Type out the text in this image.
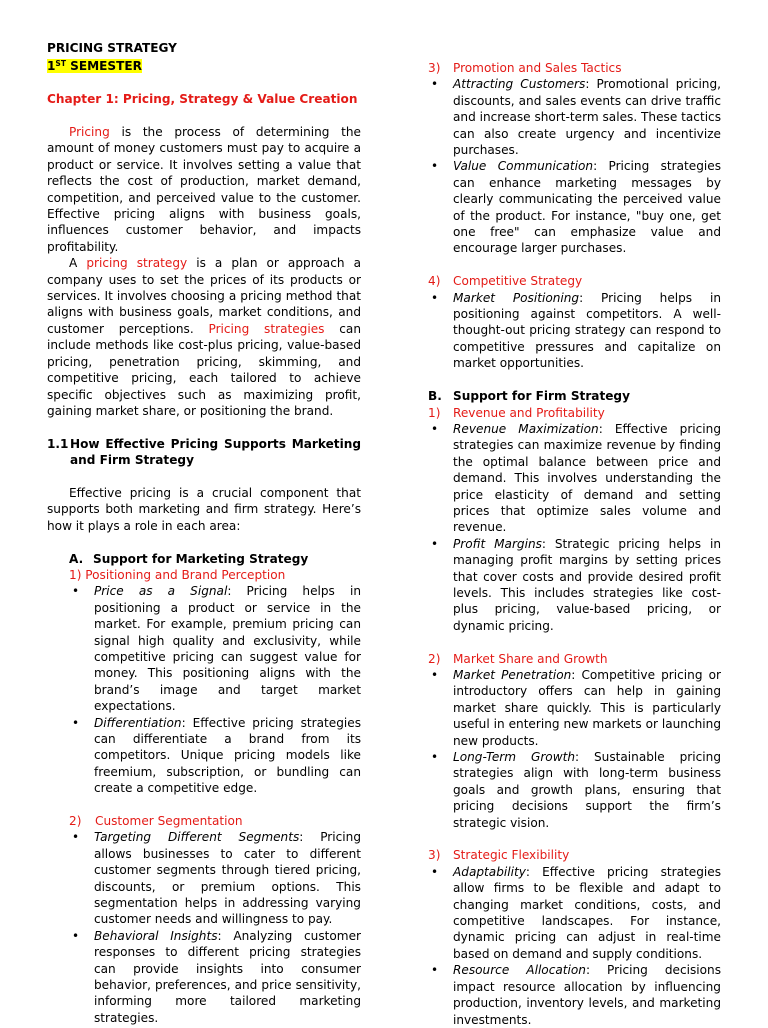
PRICING STRATEGY

1ST SEMESTER

Chapter 1: Pricing, Strategy & Value Creation

Pricing is the process of determining the amount of money customers must pay to acquire a product or service. It involves setting a value that reflects the cost of production, market demand, competition, and perceived value to the customer. Effective pricing aligns with business goals, influences customer behavior, and impacts profitability.

A pricing strategy is a plan or approach a company uses to set the prices of its products or services. It involves choosing a pricing method that aligns with business goals, market conditions, and customer perceptions. Pricing strategies can include methods like cost-plus pricing, value-based pricing, penetration pricing, skimming, and competitive pricing, each tailored to achieve specific objectives such as maximizing profit, gaining market share, or positioning the brand.

1.1 How Effective Pricing Supports Marketing and Firm Strategy

Effective pricing is a crucial component that supports both marketing and firm strategy. Here’s how it plays a role in each area:

A. Support for Marketing Strategy

1) Positioning and Brand Perception

• Price as a Signal: Pricing helps in positioning a product or service in the market. For example, premium pricing can signal high quality and exclusivity, while competitive pricing can suggest value for money. This positioning aligns with the brand’s image and target market expectations.
• Differentiation: Effective pricing strategies can differentiate a brand from its competitors. Unique pricing models like freemium, subscription, or bundling can create a competitive edge.

2) Customer Segmentation

• Targeting Different Segments: Pricing allows businesses to cater to different customer segments through tiered pricing, discounts, or premium options. This segmentation helps in addressing varying customer needs and willingness to pay.
• Behavioral Insights: Analyzing customer responses to different pricing strategies can provide insights into consumer behavior, preferences, and price sensitivity, informing more tailored marketing strategies.

3) Promotion and Sales Tactics

• Attracting Customers: Promotional pricing, discounts, and sales events can drive traffic and increase short-term sales. These tactics can also create urgency and incentivize purchases.
• Value Communication: Pricing strategies can enhance marketing messages by clearly communicating the perceived value of the product. For instance, "buy one, get one free" can emphasize value and encourage larger purchases.

4) Competitive Strategy

• Market Positioning: Pricing helps in positioning against competitors. A well-thought-out pricing strategy can respond to competitive pressures and capitalize on market opportunities.

B. Support for Firm Strategy

1) Revenue and Profitability

• Revenue Maximization: Effective pricing strategies can maximize revenue by finding the optimal balance between price and demand. This involves understanding the price elasticity of demand and setting prices that optimize sales volume and revenue.
• Profit Margins: Strategic pricing helps in managing profit margins by setting prices that cover costs and provide desired profit levels. This includes strategies like cost-plus pricing, value-based pricing, or dynamic pricing.

2) Market Share and Growth

• Market Penetration: Competitive pricing or introductory offers can help in gaining market share quickly. This is particularly useful in entering new markets or launching new products.
• Long-Term Growth: Sustainable pricing strategies align with long-term business goals and growth plans, ensuring that pricing decisions support the firm’s strategic vision.

3) Strategic Flexibility

• Adaptability: Effective pricing strategies allow firms to be flexible and adapt to changing market conditions, costs, and competitive landscapes. For instance, dynamic pricing can adjust in real-time based on demand and supply conditions.
• Resource Allocation: Pricing decisions impact resource allocation by influencing production, inventory levels, and marketing investments.
